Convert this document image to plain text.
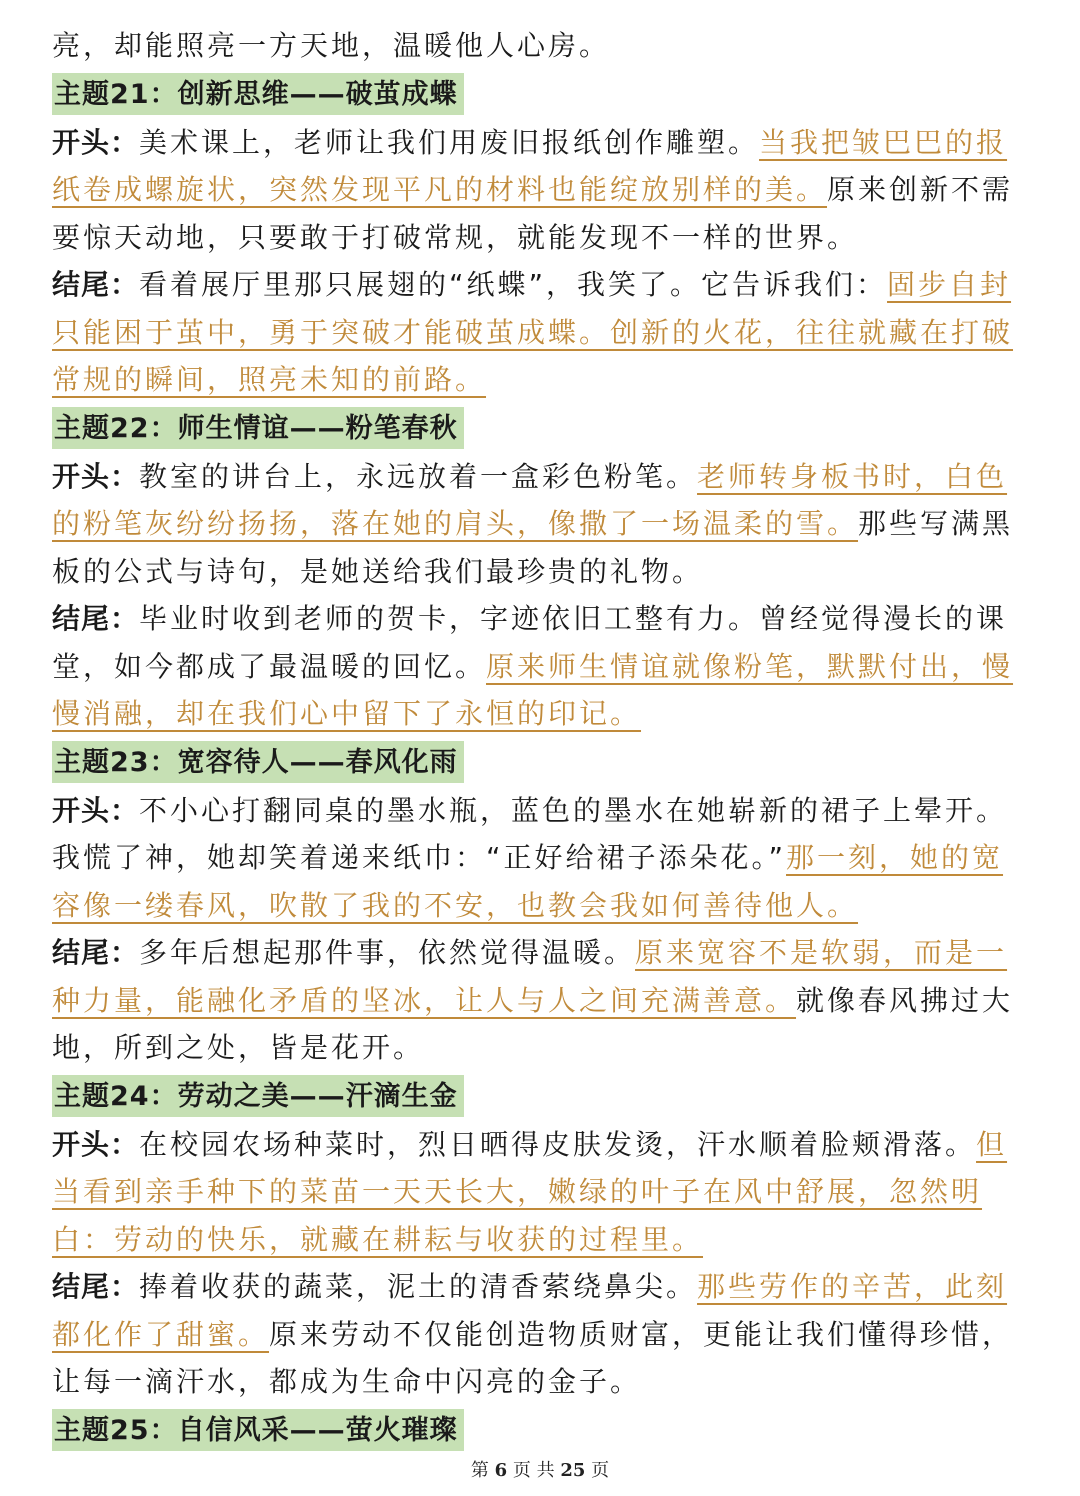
亮，却能照亮一方天地，温暖他人心房。

主题21：创新思维——破茧成蝶

开头：美术课上，老师让我们用废旧报纸创作雕塑。当我把皱巴巴的报纸卷成螺旋状，突然发现平凡的材料也能绽放别样的美。原来创新不需要惊天动地，只要敢于打破常规，就能发现不一样的世界。

结尾：看着展厅里那只展翅的“纸蝶”，我笑了。它告诉我们：固步自封只能困于茧中，勇于突破才能破茧成蝶。创新的火花，往往就藏在打破常规的瞬间，照亮未知的前路。

主题22：师生情谊——粉笔春秋

开头：教室的讲台上，永远放着一盒彩色粉笔。老师转身板书时，白色的粉笔灰纷纷扬扬，落在她的肩头，像撒了一场温柔的雪。那些写满黑板的公式与诗句，是她送给我们最珍贵的礼物。

结尾：毕业时收到老师的贺卡，字迹依旧工整有力。曾经觉得漫长的课堂，如今都成了最温暖的回忆。原来师生情谊就像粉笔，默默付出，慢慢消融，却在我们心中留下了永恒的印记。

主题23：宽容待人——春风化雨

开头：不小心打翻同桌的墨水瓶，蓝色的墨水在她崭新的裙子上晕开。我慌了神，她却笑着递来纸巾：“正好给裙子添朵花。”那一刻，她的宽容像一缕春风，吹散了我的不安，也教会我如何善待他人。

结尾：多年后想起那件事，依然觉得温暖。原来宽容不是软弱，而是一种力量，能融化矛盾的坚冰，让人与人之间充满善意。就像春风拂过大地，所到之处，皆是花开。

主题24：劳动之美——汗滴生金

开头：在校园农场种菜时，烈日晒得皮肤发烫，汗水顺着脸颊滑落。但当看到亲手种下的菜苗一天天长大，嫩绿的叶子在风中舒展，忽然明白：劳动的快乐，就藏在耕耘与收获的过程里。

结尾：捧着收获的蔬菜，泥土的清香萦绕鼻尖。那些劳作的辛苦，此刻都化作了甜蜜。原来劳动不仅能创造物质财富，更能让我们懂得珍惜，让每一滴汗水，都成为生命中闪亮的金子。

主题25：自信风采——萤火璀璨
第 6 页 共 25 页
